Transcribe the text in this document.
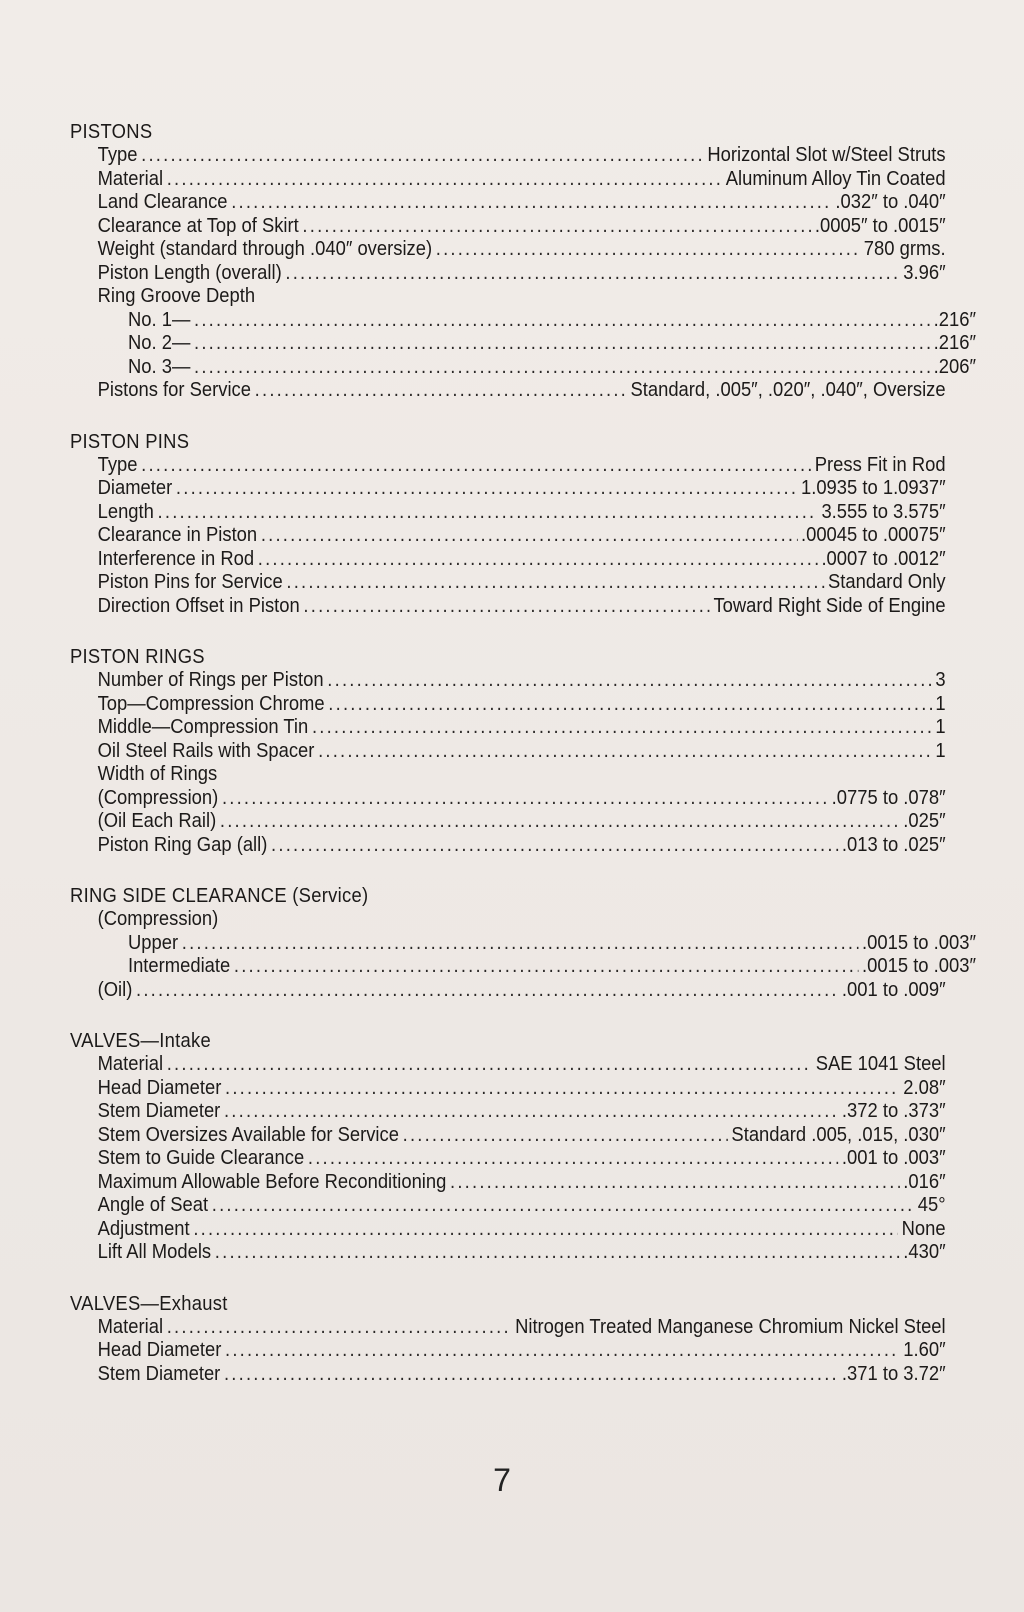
PISTONS
Type .....	Horizontal Slot w/Steel Struts
Material .....	Aluminum Alloy Tin Coated
Land Clearance .....	.032″ to .040″
Clearance at Top of Skirt .....	.0005″ to .0015″
Weight (standard through .040″ oversize) .....	780 grms.
Piston Length (overall) .....	3.96″
Ring Groove Depth
No. 1— .....	.216″
No. 2— .....	.216″
No. 3— .....	.206″
Pistons for Service .....	Standard, .005″, .020″, .040″, Oversize
PISTON PINS
Type .....	Press Fit in Rod
Diameter .....	1.0935 to 1.0937″
Length .....	3.555 to 3.575″
Clearance in Piston .....	.00045 to .00075″
Interference in Rod .....	.0007 to .0012″
Piston Pins for Service .....	Standard Only
Direction Offset in Piston .....	Toward Right Side of Engine
PISTON RINGS
Number of Rings per Piston .....	3
Top—Compression Chrome .....	1
Middle—Compression Tin .....	1
Oil Steel Rails with Spacer .....	1
Width of Rings
(Compression) .....	.0775 to .078″
(Oil Each Rail) .....	.025″
Piston Ring Gap (all) .....	.013 to .025″
RING SIDE CLEARANCE (Service)
(Compression)
Upper .....	.0015 to .003″
Intermediate .....	.0015 to .003″
(Oil) .....	.001 to .009″
VALVES—Intake
Material .....	SAE 1041 Steel
Head Diameter .....	2.08″
Stem Diameter .....	.372 to .373″
Stem Oversizes Available for Service .....	Standard .005, .015, .030″
Stem to Guide Clearance .....	.001 to .003″
Maximum Allowable Before Reconditioning .....	.016″
Angle of Seat .....	45°
Adjustment .....	None
Lift All Models .....	.430″
VALVES—Exhaust
Material .....	Nitrogen Treated Manganese Chromium Nickel Steel
Head Diameter .....	1.60″
Stem Diameter .....	.371 to 3.72″
7
